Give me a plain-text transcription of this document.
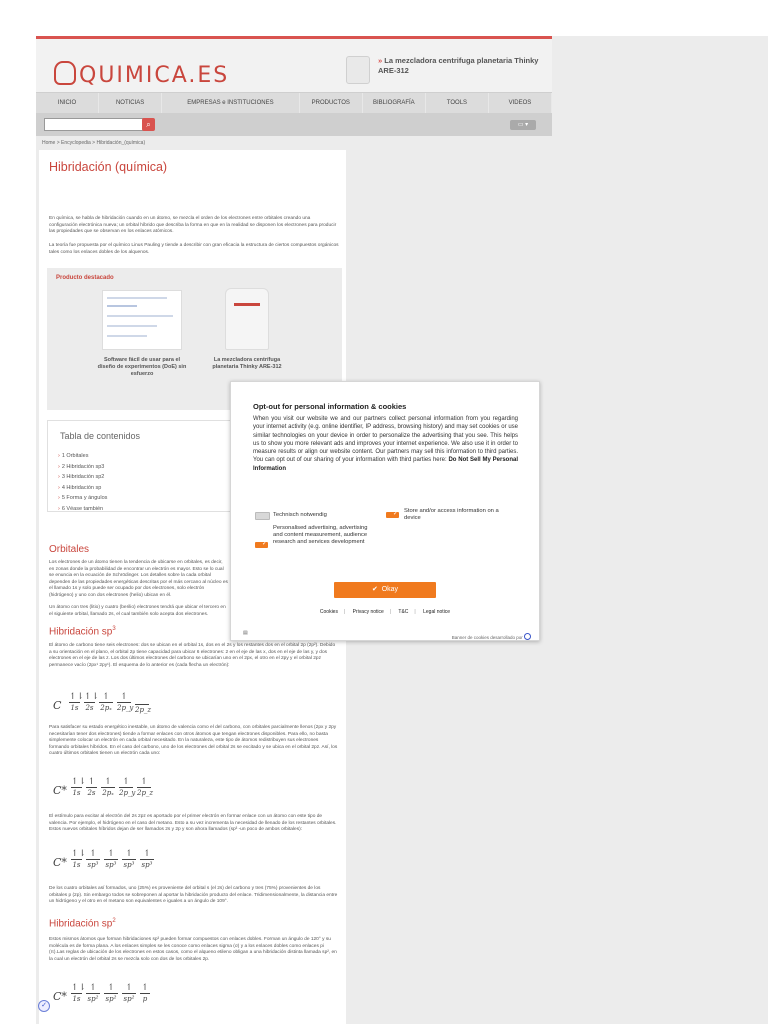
QUIMICA.ES
» La mezcladora centrifuga planetaria Thinky ARE-312
INICIO	NOTICIAS	EMPRESAS e INSTITUCIONES	PRODUCTOS	BIBLIOGRAFÍA	TOOLS	VIDEOS
⌕	▭ ▾
Home > Encyclopedia > Hibridación_(química)
Hibridación (química)
En química, se habla de hibridación cuando en un átomo, se mezcla el orden de los electrones entre orbitales creando una configuración electrónica nueva; un orbital híbrido que describa la forma en que en la realidad se disponen los electrones para producir las propiedades que se observan en los enlaces atómicos.
La teoría fue propuesta por el químico Linus Pauling y tiende a describir con gran eficacia la estructura de ciertos compuestos orgánicos tales como los enlaces dobles de los alquenos.
Producto destacado
Software fácil de usar para el diseño de experimentos (DoE) sin esfuerzo
La mezcladora centrífuga planetaria Thinky ARE-312
Tabla de contenidos
› 1 Orbitales
› 2 Hibridación sp3
› 3 Hibridación sp2
› 4 Hibridación sp
› 5 Forma y ángulos
› 6 Véase también
Orbitales
Los electrones de un átomo tienen la tendencia de ubicarse en orbitales, es decir, en zonas donde la probabilidad de encontrar un electrón es mayor. Esto se lo cual se enuncia en la ecuación de Schrödinger. Los detalles sobre la cada orbital dependen de las propiedades energéticas descritas por el más cercano al núcleo es el llamado 1s y solo puede ser ocupado por dos electrones, solo electrón (hidrógeno) y uno con dos electrones (helio) ubican en él.
Un átomo con tres (litio) y cuatro (berilio) electrones tendrá que ubicar el tercero en el siguiente orbital, llamado 2s, el cual también solo acepta dos electrones.
Hibridación $sp^3$
El átomo de carbono tiene seis electrones: dos se ubican en el orbital 1s, dos en el 2s y los restantes dos en el orbital 2p (2p²). Debido a su orientación en el plano, el orbital 2p tiene capacidad para ubicar 6 electrones: 2 en el eje de las x, dos en el eje de las y, y dos electrones en el eje de las z. Los dos últimos electrones del carbono se ubicarían uno en el 2px, el otro en el 2py y el orbital 2pz permanece vacío (2px¹ 2py¹). El esquema de lo anterior es (cada flecha un electrón):
C
↿⇂
1s
↿⇂
2s
↿
2pₓ
↿
2p_y 2p_z
Para satisfacer su estado energético inestable, un átomo de valencia como el del carbono, con orbitales parcialmente llenos (2px y 2py necesitarían tener dos electrones) tiende a formar enlaces con otros átomos que tengan electrones disponibles. Para ello, no basta simplemente colocar un electrón en cada orbital necesitado. En la naturaleza, este tipo de átomos redistribuyen sus electrones formando orbitales híbridos. En el caso del carbono, uno de los electrones del orbital 2s se excitado y se ubica en el orbital 2pz. Así, los cuatro últimos orbitales tienen un electrón cada uno:
C*
↿⇂
1s
↿
2s
↿
2pₓ
↿
2p_y
↿
2p_z
El estímulo para excitar al electrón del 2s 2pz es aportado por el primer electrón en formar enlace con un átomo con este tipo de valencia. Por ejemplo, el hidrógeno en el caso del metano. Esto a su vez incrementa la necesidad de llenado de los restantes orbitales. Estos nuevos orbitales híbridos dejan de ser llamados 2s y 2p y son ahora llamados (sp³ -un poco de ambos orbitales):
C*
↿⇂
1s
↿
sp³
↿
sp³
↿
sp³
↿
sp³
De los cuatro orbitales así formados, uno (25%) es proveniente del orbital s (el 2s) del carbono y tres (75%) provenientes de los orbitales p (2p). Sin embargo todos se sobreponen al aportar la hibridación producto del enlace. Tridimensionalmente, la distancia entre un hidrógeno y el otro en el metano son equivalentes e iguales a un ángulo de 109°.
Hibridación $sp^2$
Estos mismos átomos que forman hibridaciones sp³ pueden formar compuestos con enlaces dobles. Forman un ángulo de 120° y su molécula es de forma plana. A los enlaces simples se les conoce como enlaces sigma (σ) y a los enlaces dobles como enlaces pi (π).Las reglas de ubicación de los electrones en estos casos, como el alqueno etileno obligan a una hibridación distinta llamada sp², en la cual un electrón del orbital 2s se mezcla solo con dos de los orbitales 2p.
C*
↿⇂
1s
↿
sp²
↿
sp²
↿
sp²
↿
p
✓
Opt-out for personal information & cookies
When you visit our website we and our partners collect personal information from you regarding your internet activity (e.g. online identifier, IP address, browsing history) and may set cookies or use similar technologies on your device in order to personalize the advertising that you see. This helps us to show you more relevant ads and improves your internet experience. We also use it in order to measure results or align our website content. Our partners may sell this information to third parties. You can opt out of our sharing of your information with third parties here: Do Not Sell My Personal Information
Technisch notwendig
✓
Store and/or access information on a device
✓
Personalised advertising, advertising and content measurement, audience research and services development
✔ Okay
Cookies | Privacy notice | T&C | Legal notice
▤
Banner de cookies desarrollado por
